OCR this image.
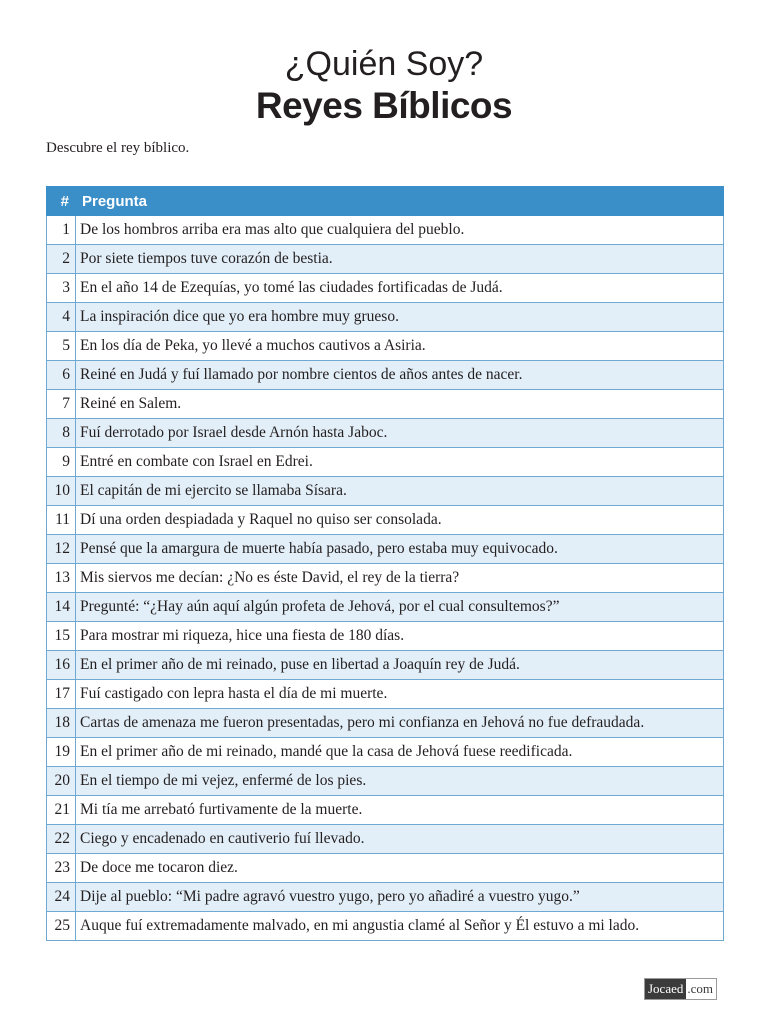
¿Quién Soy?
Reyes Bíblicos
Descubre el rey bíblico.
#	Pregunta
1	De los hombros arriba era mas alto que cualquiera del pueblo.
2	Por siete tiempos tuve corazón de bestia.
3	En el año 14 de Ezequías, yo tomé las ciudades fortificadas de Judá.
4	La inspiración dice que yo era hombre muy grueso.
5	En los día de Peka, yo llevé a muchos cautivos a Asiria.
6	Reiné en Judá y fuí llamado por nombre cientos de años antes de nacer.
7	Reiné en Salem.
8	Fuí derrotado por Israel desde Arnón hasta Jaboc.
9	Entré en combate con Israel en Edrei.
10	El capitán de mi ejercito se llamaba Sísara.
11	Dí una orden despiadada y Raquel no quiso ser consolada.
12	Pensé que la amargura de muerte había pasado, pero estaba muy equivocado.
13	Mis siervos me decían: ¿No es éste David, el rey de la tierra?
14	Pregunté: “¿Hay aún aquí algún profeta de Jehová, por el cual consultemos?”
15	Para mostrar mi riqueza, hice una fiesta de 180 días.
16	En el primer año de mi reinado, puse en libertad a Joaquín rey de Judá.
17	Fuí castigado con lepra hasta el día de mi muerte.
18	Cartas de amenaza me fueron presentadas, pero mi confianza en Jehová no fue defraudada.
19	En el primer año de mi reinado, mandé que la casa de Jehová fuese reedificada.
20	En el tiempo de mi vejez, enfermé de los pies.
21	Mi tía me arrebató furtivamente de la muerte.
22	Ciego y encadenado en cautiverio fuí llevado.
23	De doce me tocaron diez.
24	Dije al pueblo: “Mi padre agravó vuestro yugo, pero yo añadiré a vuestro yugo.”
25	Auque fuí extremadamente malvado, en mi angustia clamé al Señor y Él estuvo a mi lado.
Jocaed .com
